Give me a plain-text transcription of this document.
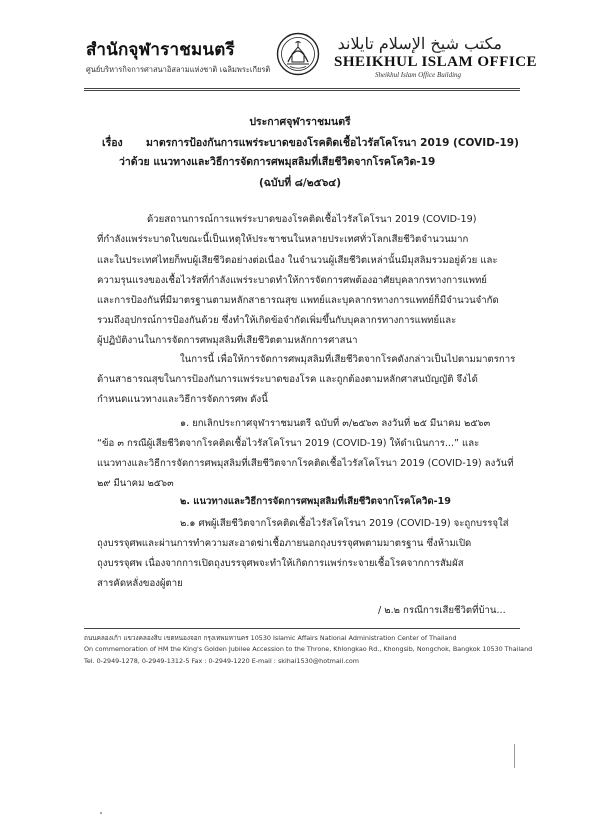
สำนักจุฬาราชมนตรี
ศูนย์บริหารกิจการศาสนาอิสลามแห่งชาติ เฉลิมพระเกียรติ
مكتب شيخ الإسلام تايلاند
SHEIKHUL ISLAM OFFICE
Sheikhul Islam Office Building
ประกาศจุฬาราชมนตรี
เรื่อง มาตรการป้องกันการแพร่ระบาดของโรคติดเชื้อไวรัสโคโรนา 2019 (COVID-19)
ว่าด้วย แนวทางและวิธีการจัดการศพมุสลิมที่เสียชีวิตจากโรคโควิด-19
(ฉบับที่ ๘/๒๕๖๔)
ด้วยสถานการณ์การแพร่ระบาดของโรคติดเชื้อไวรัสโคโรนา 2019 (COVID-19)
ที่กำลังแพร่ระบาดในขณะนี้เป็นเหตุให้ประชาชนในหลายประเทศทั่วโลกเสียชีวิตจำนวนมาก
และในประเทศไทยก็พบผู้เสียชีวิตอย่างต่อเนื่อง ในจำนวนผู้เสียชีวิตเหล่านั้นมีมุสลิมรวมอยู่ด้วย และ
ความรุนแรงของเชื้อไวรัสที่กำลังแพร่ระบาดทำให้การจัดการศพต้องอาศัยบุคลากรทางการแพทย์
และการป้องกันที่มีมาตรฐานตามหลักสาธารณสุข แพทย์และบุคลากรทางการแพทย์ก็มีจำนวนจำกัด
รวมถึงอุปกรณ์การป้องกันด้วย ซึ่งทำให้เกิดข้อจำกัดเพิ่มขึ้นกับบุคลากรทางการแพทย์และ
ผู้ปฏิบัติงานในการจัดการศพมุสลิมที่เสียชีวิตตามหลักการศาสนา
ในการนี้ เพื่อให้การจัดการศพมุสลิมที่เสียชีวิตจากโรคดังกล่าวเป็นไปตามมาตรการ
ด้านสาธารณสุขในการป้องกันการแพร่ระบาดของโรค และถูกต้องตามหลักศาสนบัญญัติ จึงได้
กำหนดแนวทางและวิธีการจัดการศพ ดังนี้
๑. ยกเลิกประกาศจุฬาราชมนตรี ฉบับที่ ๓/๒๕๖๓ ลงวันที่ ๒๕ มีนาคม ๒๕๖๓
“ข้อ ๓ กรณีผู้เสียชีวิตจากโรคติดเชื้อไวรัสโคโรนา 2019 (COVID-19) ให้ดำเนินการ...” และ
แนวทางและวิธีการจัดการศพมุสลิมที่เสียชีวิตจากโรคติดเชื้อไวรัสโคโรนา 2019 (COVID-19) ลงวันที่
๒๙ มีนาคม ๒๕๖๓
๒. แนวทางและวิธีการจัดการศพมุสลิมที่เสียชีวิตจากโรคโควิด-19
๒.๑ ศพผู้เสียชีวิตจากโรคติดเชื้อไวรัสโคโรนา 2019 (COVID-19) จะถูกบรรจุใส่
ถุงบรรจุศพและผ่านการทำความสะอาดฆ่าเชื้อภายนอกถุงบรรจุศพตามมาตรฐาน ซึ่งห้ามเปิด
ถุงบรรจุศพ เนื่องจากการเปิดถุงบรรจุศพจะทำให้เกิดการแพร่กระจายเชื้อโรคจากการสัมผัส
สารคัดหลั่งของผู้ตาย
/ ๒.๒ กรณีการเสียชีวิตที่บ้าน...
ถนนคลองเก้า แขวงคลองสิบ เขตหนองจอก กรุงเทพมหานคร 10530 Islamic Affairs National Administration Center of Thailand
On commemoration of HM the King's Golden Jubilee Accession to the Throne, Khlongkao Rd., Khongsib, Nongchok, Bangkok 10530 Thailand
Tel. 0-2949-1278, 0-2949-1312-5 Fax : 0-2949-1220 E-mail : skihal1530@hotmail.com
